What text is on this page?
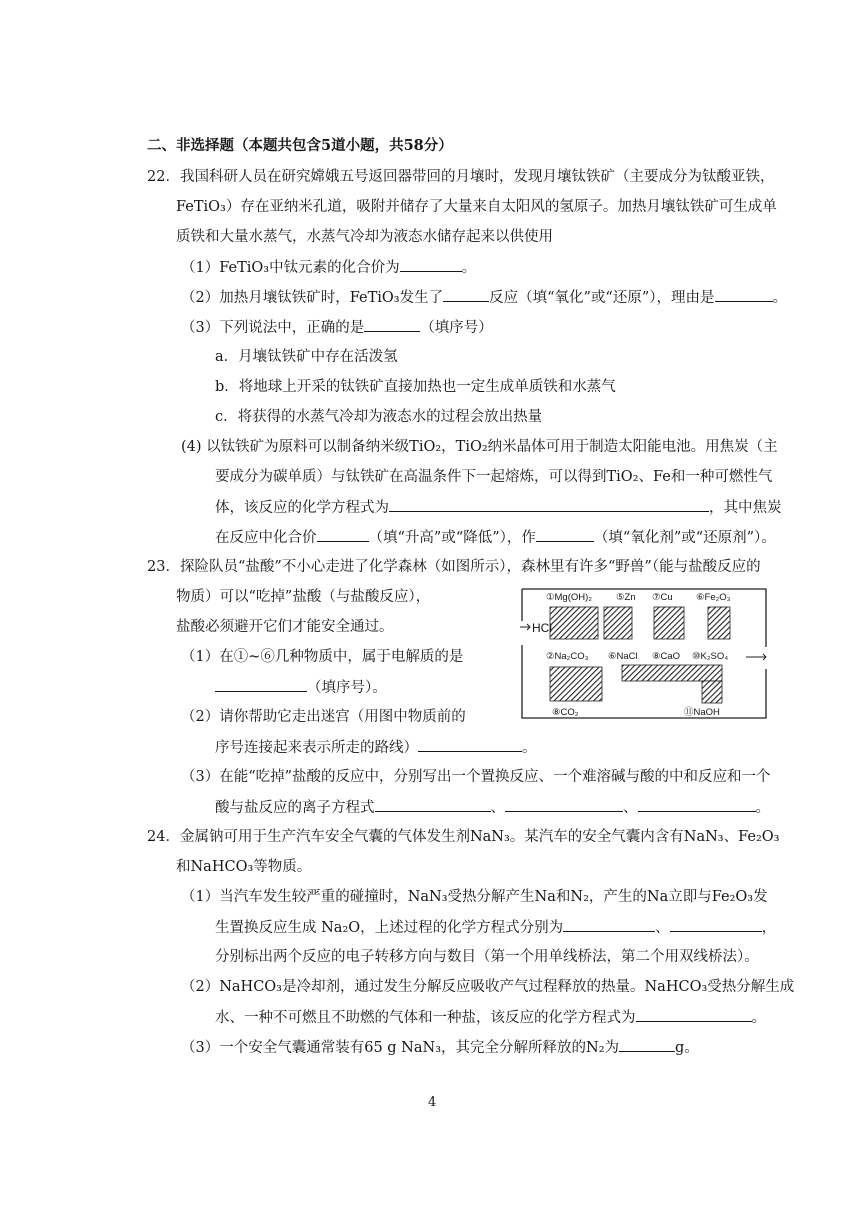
二、非选择题（本题共包含5道小题，共58分）
22．我国科研人员在研究嫦娥五号返回器带回的月壤时，发现月壤钛铁矿（主要成分为钛酸亚铁，
FeTiO₃）存在亚纳米孔道，吸附并储存了大量来自太阳风的氢原子。加热月壤钛铁矿可生成单
质铁和大量水蒸气，水蒸气冷却为液态水储存起来以供使用
（1）FeTiO₃中钛元素的化合价为	。
（2）加热月壤钛铁矿时，FeTiO₃发生了	反应（填“氧化”或“还原”），理由是	。
（3）下列说法中，正确的是	（填序号）
a．月壤钛铁矿中存在活泼氢
b．将地球上开采的钛铁矿直接加热也一定生成单质铁和水蒸气
c．将获得的水蒸气冷却为液态水的过程会放出热量
(4) 以钛铁矿为原料可以制备纳米级TiO₂，TiO₂纳米晶体可用于制造太阳能电池。用焦炭（主
要成分为碳单质）与钛铁矿在高温条件下一起熔炼，可以得到TiO₂、Fe和一种可燃性气
体，该反应的化学方程式为	，其中焦炭
在反应中化合价	（填“升高”或“降低”），作	（填“氧化剂”或“还原剂”）。
23．探险队员“盐酸”不小心走进了化学森林（如图所示），森林里有许多“野兽”（能与盐酸反应的
物质）可以“吃掉”盐酸（与盐酸反应），
盐酸必须避开它们才能安全通过。
（1）在①~⑥几种物质中，属于电解质的是
（填序号）。
（2）请你帮助它走出迷宫（用图中物质前的
序号连接起来表示所走的路线）	。
（3）在能“吃掉”盐酸的反应中，分别写出一个置换反应、一个难溶碱与酸的中和反应和一个
酸与盐反应的离子方程式	、	、	。
HCl
①Mg(OH)₂	⑤Zn ⑦Cu ⑥Fe₂O₃
②Na₂CO₃ ⑥NaCl ⑧CaO ⑩K₂SO₄
⑧CO₂	⑪NaOH
24．金属钠可用于生产汽车安全气囊的气体发生剂NaN₃。某汽车的安全气囊内含有NaN₃、Fe₂O₃
和NaHCO₃等物质。
（1）当汽车发生较严重的碰撞时，NaN₃受热分解产生Na和N₂，产生的Na立即与Fe₂O₃发
生置换反应生成 Na₂O，上述过程的化学方程式分别为	、	，
分别标出两个反应的电子转移方向与数目（第一个用单线桥法，第二个用双线桥法）。
（2）NaHCO₃是冷却剂，通过发生分解反应吸收产气过程释放的热量。NaHCO₃受热分解生成
水、一种不可燃且不助燃的气体和一种盐，该反应的化学方程式为	。
（3）一个安全气囊通常装有65 g NaN₃，其完全分解所释放的N₂为	g。
4
